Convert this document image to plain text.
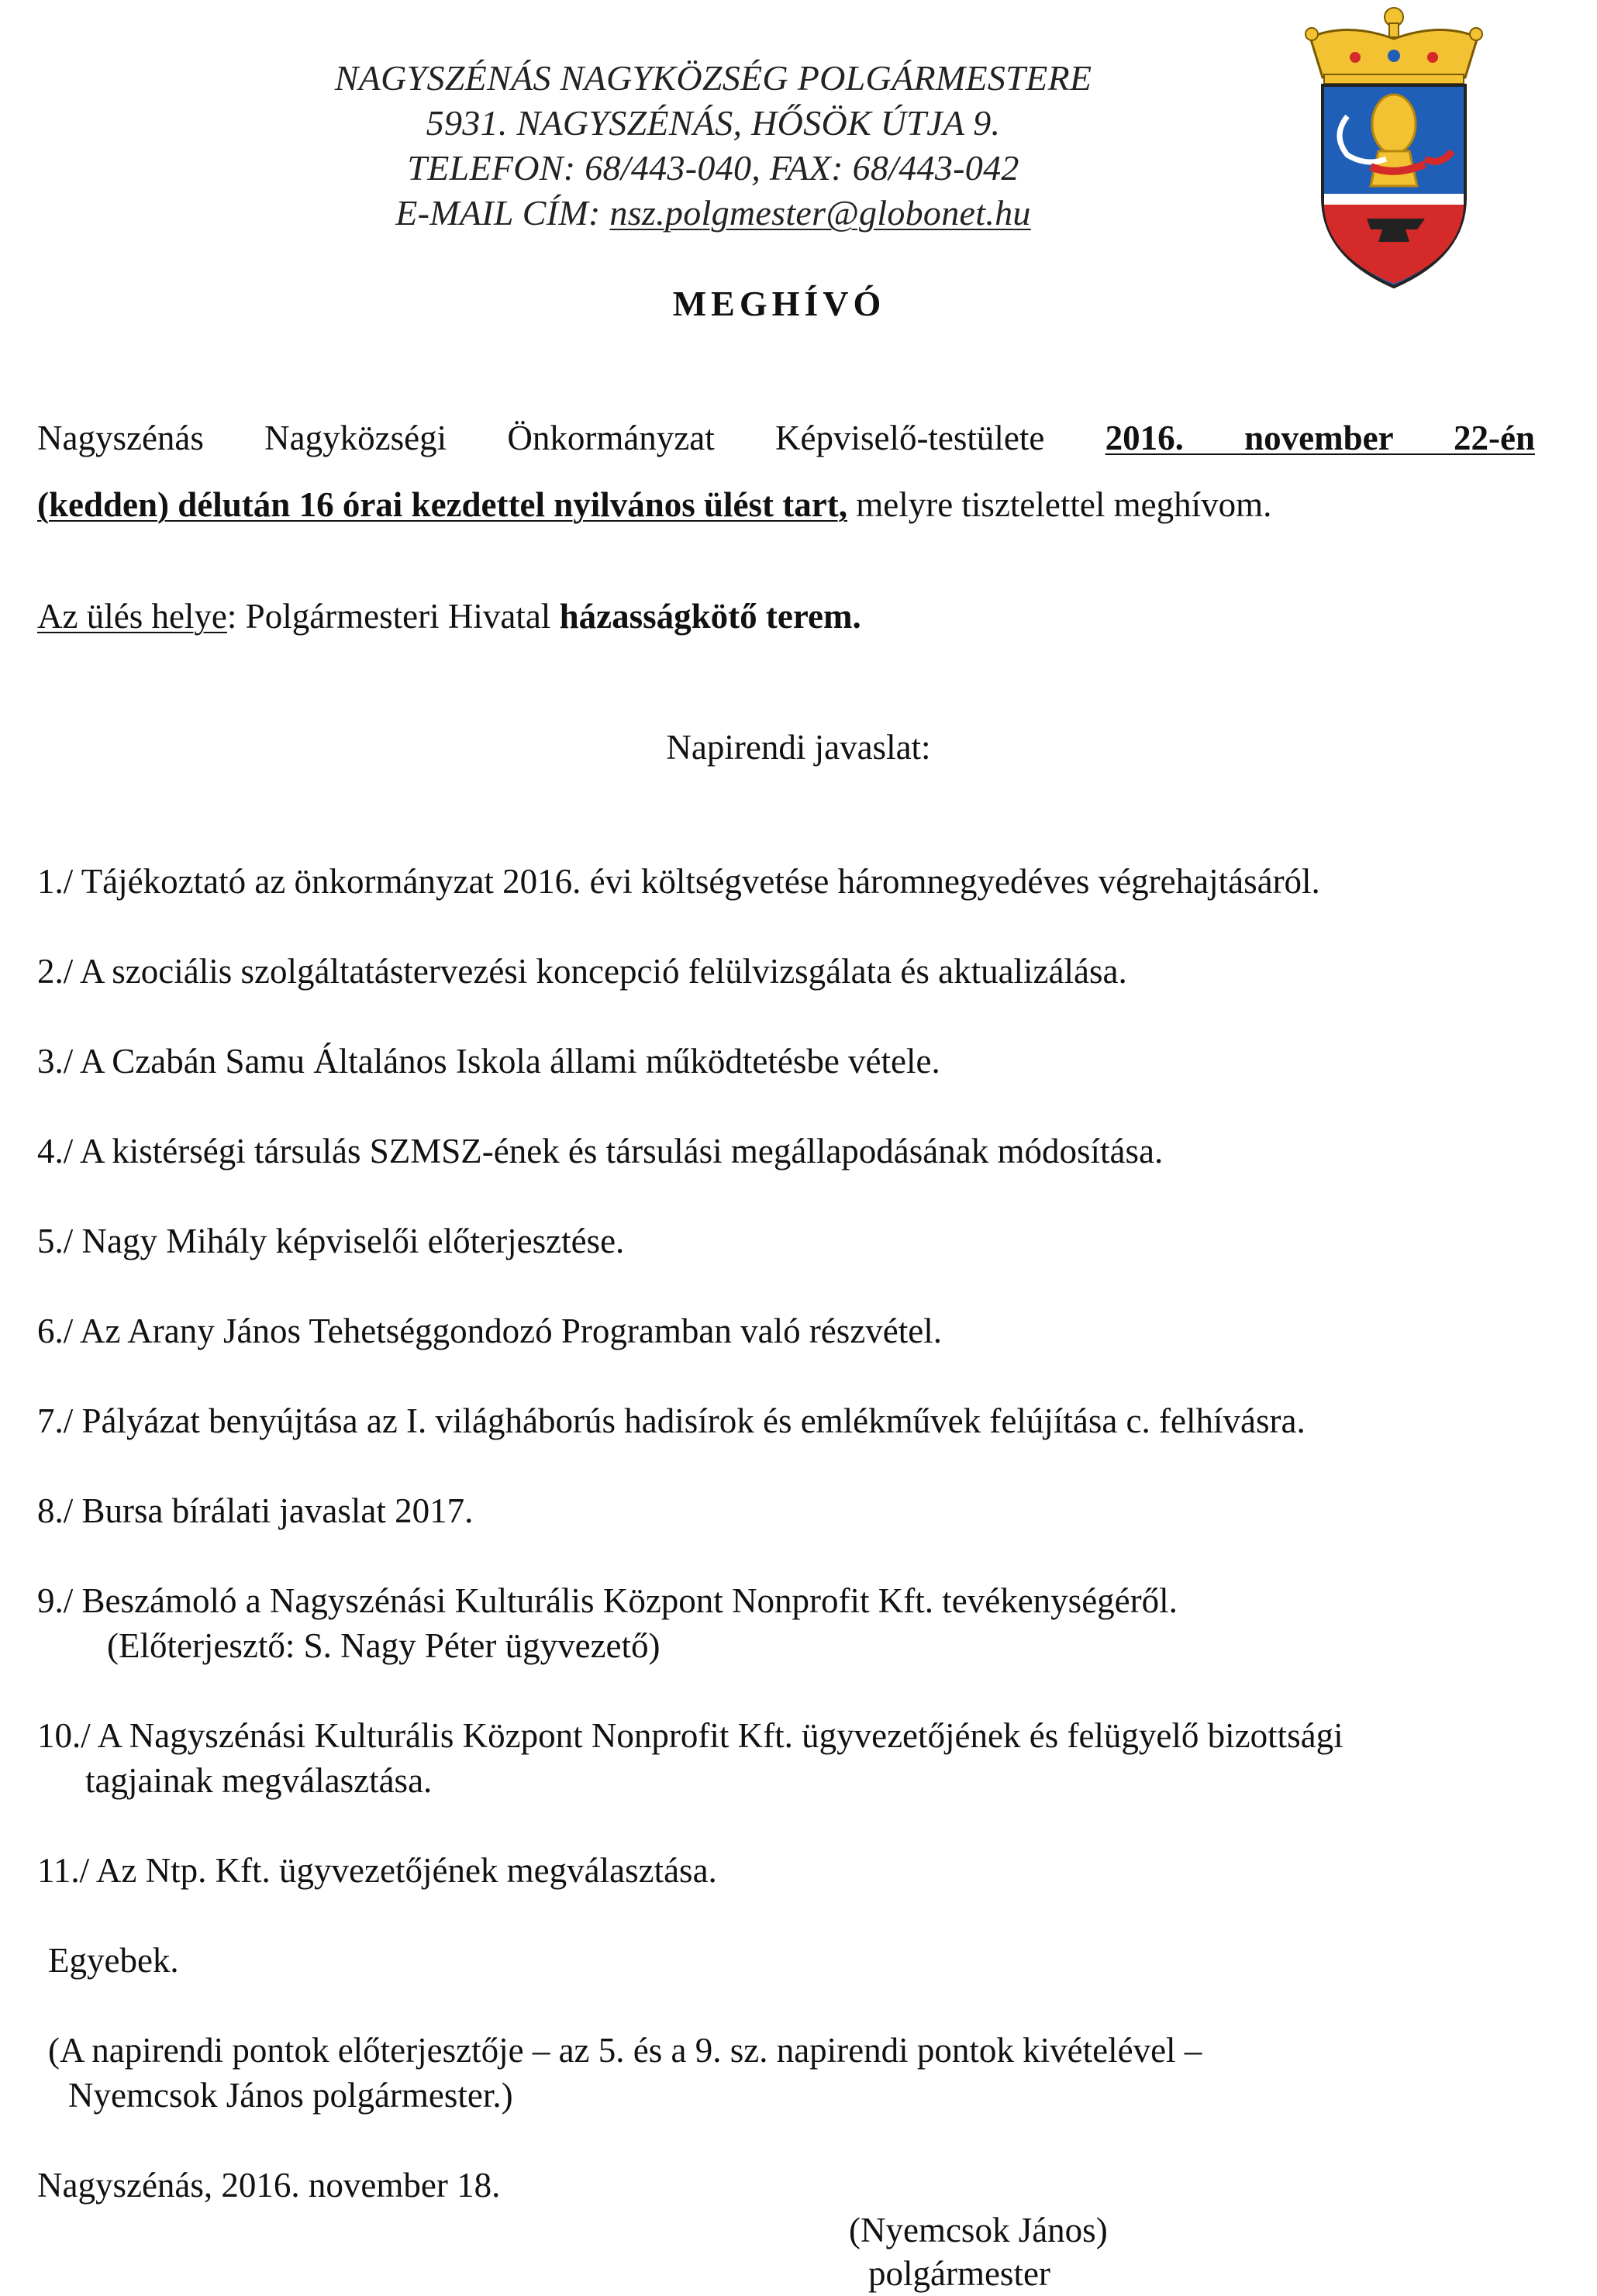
NAGYSZÉNÁS NAGYKÖZSÉG POLGÁRMESTERE
5931. NAGYSZÉNÁS, HŐSÖK ÚTJA 9.
TELEFON: 68/443-040, FAX: 68/443-042
E-MAIL CÍM: nsz.polgmester@globonet.hu
MEGHÍVÓ
Nagyszénás Nagyközségi Önkormányzat Képviselő-testülete 2016. november 22-én
(kedden) délután 16 órai kezdettel nyilvános ülést tart, melyre tisztelettel meghívom.
Az ülés helye: Polgármesteri Hivatal házasságkötő terem.
Napirendi javaslat:
1./ Tájékoztató az önkormányzat 2016. évi költségvetése háromnegyedéves végrehajtásáról.
2./ A szociális szolgáltatástervezési koncepció felülvizsgálata és aktualizálása.
3./ A Czabán Samu Általános Iskola állami működtetésbe vétele.
4./ A kistérségi társulás SZMSZ-ének és társulási megállapodásának módosítása.
5./ Nagy Mihály képviselői előterjesztése.
6./ Az Arany János Tehetséggondozó Programban való részvétel.
7./ Pályázat benyújtása az I. világháborús hadisírok és emlékművek felújítása c. felhívásra.
8./ Bursa bírálati javaslat 2017.
9./ Beszámoló a Nagyszénási Kulturális Központ Nonprofit Kft. tevékenységéről.
(Előterjesztő: S. Nagy Péter ügyvezető)
10./ A Nagyszénási Kulturális Központ Nonprofit Kft. ügyvezetőjének és felügyelő bizottsági
tagjainak megválasztása.
11./ Az Ntp. Kft. ügyvezetőjének megválasztása.
Egyebek.
(A napirendi pontok előterjesztője – az 5. és a 9. sz. napirendi pontok kivételével –
Nyemcsok János polgármester.)
Nagyszénás, 2016. november 18.
(Nyemcsok János)
polgármester
